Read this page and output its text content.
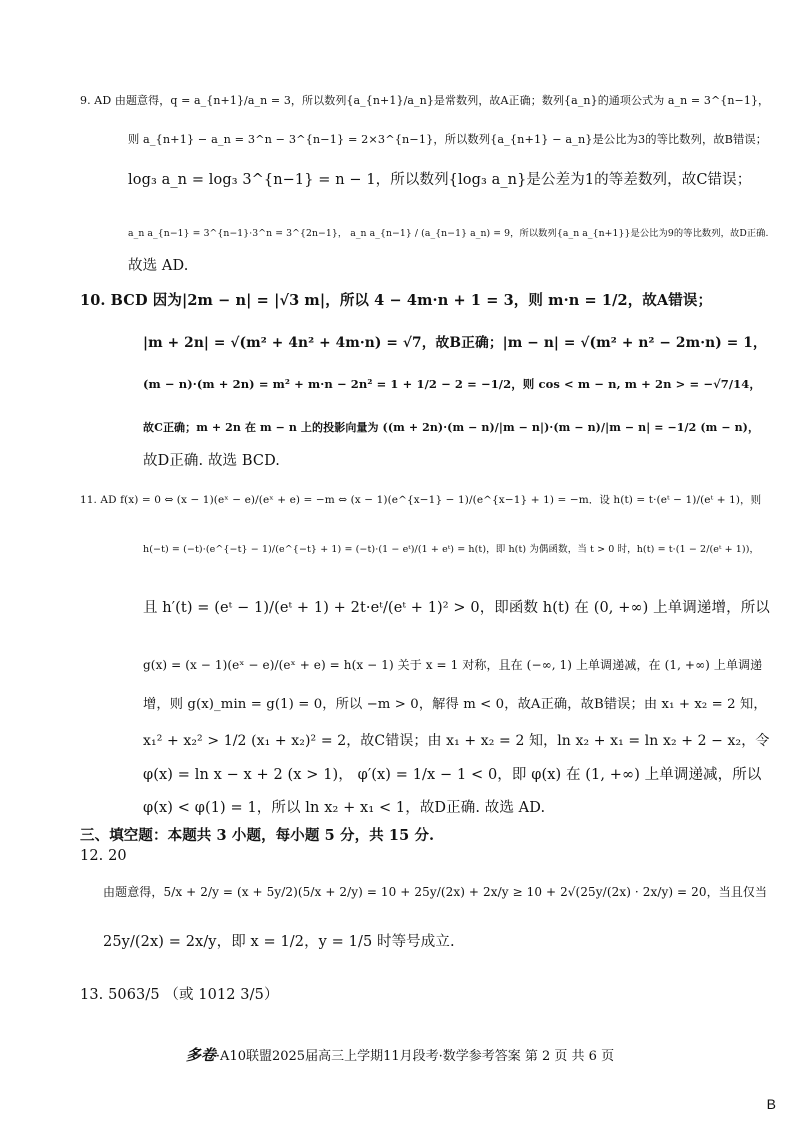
9. AD 由题意得，q = a_{n+1}/a_n = 3，所以数列{a_{n+1}/a_n}是常数列，故A正确；数列{a_n}的通项公式为 a_n = 3^{n−1}，
则 a_{n+1} − a_n = 3^n − 3^{n−1} = 2×3^{n−1}，所以数列{a_{n+1} − a_n}是公比为3的等比数列，故B错误；
log₃ a_n = log₃ 3^{n−1} = n − 1，所以数列{log₃ a_n}是公差为1的等差数列，故C错误；
a_n a_{n−1} = 3^{n−1}·3^n = 3^{2n−1}， a_n a_{n−1} / (a_{n−1} a_n) = 9，所以数列{a_n a_{n+1}}是公比为9的等比数列，故D正确.
故选 AD.
10. BCD 因为|2m − n| = |√3 m|，所以 4 − 4m·n + 1 = 3，则 m·n = 1/2，故A错误；
|m + 2n| = √(m² + 4n² + 4m·n) = √7，故B正确；|m − n| = √(m² + n² − 2m·n) = 1，
(m − n)·(m + 2n) = m² + m·n − 2n² = 1 + 1/2 − 2 = −1/2，则 cos < m − n, m + 2n > = −√7/14，
故C正确；m + 2n 在 m − n 上的投影向量为 ((m + 2n)·(m − n)/|m − n|)·(m − n)/|m − n| = −1/2 (m − n)，
故D正确. 故选 BCD.
11. AD f(x) = 0 ⇔ (x − 1)(eˣ − e)/(eˣ + e) = −m ⇔ (x − 1)(e^{x−1} − 1)/(e^{x−1} + 1) = −m．设 h(t) = t·(eᵗ − 1)/(eᵗ + 1)，则
h(−t) = (−t)·(e^{−t} − 1)/(e^{−t} + 1) = (−t)·(1 − eᵗ)/(1 + eᵗ) = h(t)，即 h(t) 为偶函数，当 t > 0 时，h(t) = t·(1 − 2/(eᵗ + 1))，
且 h′(t) = (eᵗ − 1)/(eᵗ + 1) + 2t·eᵗ/(eᵗ + 1)² > 0，即函数 h(t) 在 (0, +∞) 上单调递增，所以
g(x) = (x − 1)(eˣ − e)/(eˣ + e) = h(x − 1) 关于 x = 1 对称，且在 (−∞, 1) 上单调递减，在 (1, +∞) 上单调递
增，则 g(x)_min = g(1) = 0，所以 −m > 0，解得 m < 0，故A正确，故B错误；由 x₁ + x₂ = 2 知，
x₁² + x₂² > 1/2 (x₁ + x₂)² = 2，故C错误；由 x₁ + x₂ = 2 知，ln x₂ + x₁ = ln x₂ + 2 − x₂，令
φ(x) = ln x − x + 2 (x > 1)， φ′(x) = 1/x − 1 < 0，即 φ(x) 在 (1, +∞) 上单调递减，所以
φ(x) < φ(1) = 1，所以 ln x₂ + x₁ < 1，故D正确. 故选 AD.
三、填空题：本题共 3 小题，每小题 5 分，共 15 分.
12. 20
由题意得，5/x + 2/y = (x + 5y/2)(5/x + 2/y) = 10 + 25y/(2x) + 2x/y ≥ 10 + 2√(25y/(2x) · 2x/y) = 20，当且仅当
25y/(2x) = 2x/y，即 x = 1/2，y = 1/5 时等号成立.
13. 5063/5 （或 1012 3/5）
多卷·A10联盟2025届高三上学期11月段考·数学参考答案 第 2 页 共 6 页
B
